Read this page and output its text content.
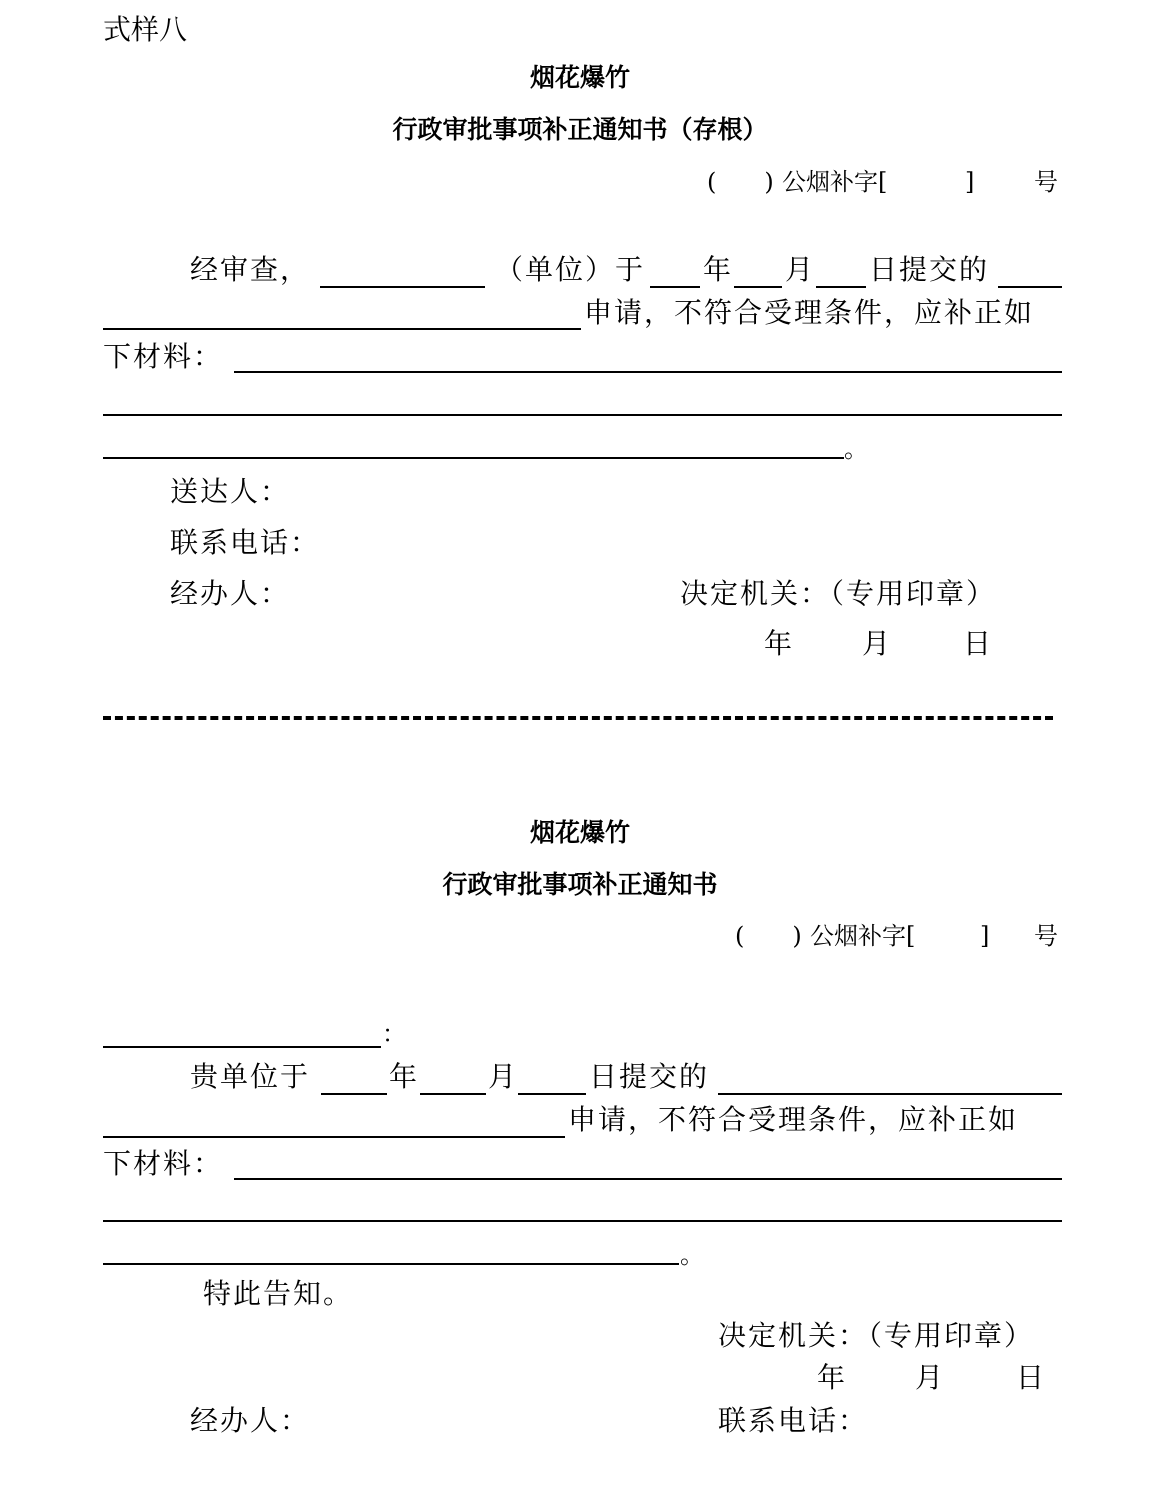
式样八
烟花爆竹
行政审批事项补正通知书（存根）
(　　) 公烟补字[	] 号
经审查，	（单位）于 年 月 日提交的
申请，不符合受理条件，应补正如
下材料：
。
送达人：
联系电话：
经办人：	决定机关：（专用印章）
年 月	日
烟花爆竹
行政审批事项补正通知书
(　　) 公烟补字[	] 号
：
贵单位于	年	月	日提交的
申请，不符合受理条件，应补正如
下材料：
。
特此告知。
决定机关：（专用印章）
年 月	日
经办人：	联系电话：
